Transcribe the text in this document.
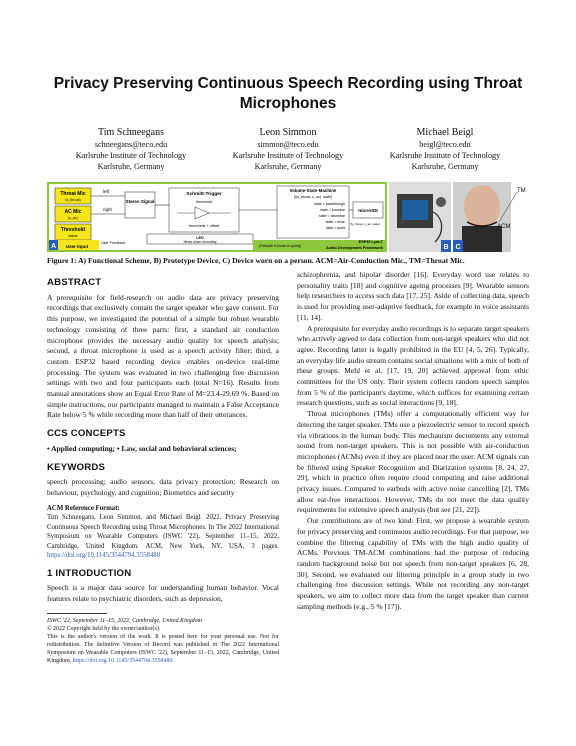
Privacy Preserving Continuous Speech Recording using Throat Microphones
Tim Schneegans
schneegans@teco.edu
Karlsruhe Institute of Technology
Karlsruhe, Germany
Leon Simmon
simmon@teco.edu
Karlsruhe Institute of Technology
Karlsruhe, Germany
Michael Beigl
beigl@teco.edu
Karlsruhe Institute of Technology
Karlsruhe, Germany
Throat Mic
(s_throat)
AC Mic
(s_ac)
Threshold
value
A User Input
left
right
Stereo Signal
Schmitt-Trigger
threshold
threshold + offset
Volume-State-Machine
(f(s_throat, s_ac), state)
state = passthrough
state = increase
state = decrease
state = mute
state = quiet
microSD
f(s_throat, s_ac, state)
LED
blinks when recording
User Feedback
(Failsafe if (mute or quiet))
ESP32 Lyra-T
Audio Development Framework	B C
TM
ACM
Figure 1: A) Functional Scheme, B) Prototype Device, C) Device worn on a person. ACM=Air-Conduction Mic., TM=Throat Mic.
ABSTRACT

A prerequisite for field-research on audio data are privacy preserving recordings that exclusively contain the target speaker who gave consent. For this purpose, we investigated the potential of a simple but robust wearable technology consisting of three parts: first, a standard air conduction microphone provides the necessary audio quality for speech analysis; second, a throat microphone is used as a speech activity filter; third, a custom ESP32 based recording device enables on-device real-time processing. The system was evaluated in two challenging free discussion settings with two and four participants each (total N=16). Results from manual annotations show an Equal Error Rate of M=23.4-29.69 %. Based on simple instructions, our participants managed to maintain a False Acceptance Rate below 5 % while recording more than half of their utterances.

CCS CONCEPTS

• Applied computing; • Law, social and behavioral sciences;

KEYWORDS

speech processing; audio sensors, data privacy protection; Research on behaviour, psychology, and cognition; Biometrics and security

ACM Reference Format:

Tim Schneegans, Leon Simmon, and Michael Beigl. 2022. Privacy Preserving Continuous Speech Recording using Throat Microphones. In The 2022 International Symposium on Wearable Computers (ISWC '22), September 11–15, 2022, Cambridge, United Kingdom. ACM, New York, NY, USA, 3 pages. https://doi.org/10.1145/3544794.3558480

1 INTRODUCTION

Speech is a major data source for understanding human behavior. Vocal features relate to psychiatric disorders, such as depression,

ISWC '22, September 11–15, 2022, Cambridge, United Kingdom

© 2022 Copyright held by the owner/author(s).

This is the author's version of the work. It is posted here for your personal use. Not for redistribution. The definitive Version of Record was published in The 2022 International Symposium on Wearable Computers (ISWC '22), September 11–15, 2022, Cambridge, United Kingdom, https://doi.org/10.1145/3544794.3558480.

schizophrenia, and bipolar disorder [16]. Everyday word use relates to personality traits [18] and cognitive ageing processes [9]. Wearable sensors help researchers to access such data [17, 25]. Aside of collecting data, speech is used for providing user-adaptive feedback, for example in voice assistants [11, 14].

A prerequisite for everyday audio recordings is to separate target speakers who actively agreed to data collection from non-target speakers who did not agree. Recording latter is legally prohibited in the EU [4, 5, 26]. Typically, an everyday life audio stream contains social situations with a mix of both of these groups. Mehl et al. [17, 19, 20] achieved approval from ethic committees for the US only. Their system collects random speech samples from 5 % of the participant's daytime, which suffices for examining certain research questions, such as social interactions [9, 18].

Throat microphones (TMs) offer a computationally efficient way for detecting the target speaker. TMs use a piezoelectric sensor to record speech via vibrations in the human body. This mechanism decrements any external sound from non-target speakers. This is not possible with air-conduction microphones (ACMs) even if they are placed near the user. ACM signals can be filtered using Speaker Recognition and Diarization systems [8, 24, 27, 29], which in practice often require cloud computing and raise additional privacy issues. Compared to earbuds with active noise cancelling [2], TMs allow ear-free interactions. However, TMs do not meet the data quality requirements for extensive speech analysis (but see [21, 22]).

Our contributions are of two kind: First, we propose a wearable system for privacy preserving and continuous audio recordings. For that purpose, we combine the filtering capability of TMs with the high audio quality of ACMs. Previous TM-ACM combinations had the purpose of reducing random background noise but not speech from non-target speakers [6, 28, 30]. Second, we evaluated our filtering principle in a group study in two challenging free discussion settings. While not recording any non-target speakers, we aim to collect more data from the target speaker than current sampling methods (e.g., 5 % [17]).
